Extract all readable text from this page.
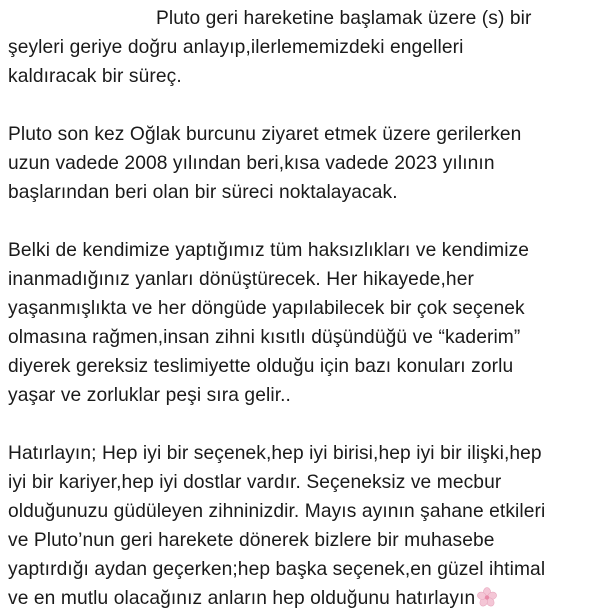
Pluto geri hareketine başlamak üzere (s) bir
şeyleri geriye doğru anlayıp,ilerlememizdeki engelleri
kaldıracak bir süreç.

Pluto son kez Oğlak burcunu ziyaret etmek üzere gerilerken
uzun vadede 2008 yılından beri,kısa vadede 2023 yılının
başlarından beri olan bir süreci noktalayacak.

Belki de kendimize yaptığımız tüm haksızlıkları ve kendimize
inanmadığınız yanları dönüştürecek. Her hikayede,her
yaşanmışlıkta ve her döngüde yapılabilecek bir çok seçenek
olmasına rağmen,insan zihni kısıtlı düşündüğü ve “kaderim”
diyerek gereksiz teslimiyette olduğu için bazı konuları zorlu
yaşar ve zorluklar peşi sıra gelir..

Hatırlayın; Hep iyi bir seçenek,hep iyi birisi,hep iyi bir ilişki,hep
iyi bir kariyer,hep iyi dostlar vardır. Seçeneksiz ve mecbur
olduğunuzu güdüleyen zihninizdir. Mayıs ayının şahane etkileri
ve Pluto’nun geri harekete dönerek bizlere bir muhasebe
yaptırdığı aydan geçerken;hep başka seçenek,en güzel ihtimal
ve en mutlu olacağınız anların hep olduğunu hatırlayın
